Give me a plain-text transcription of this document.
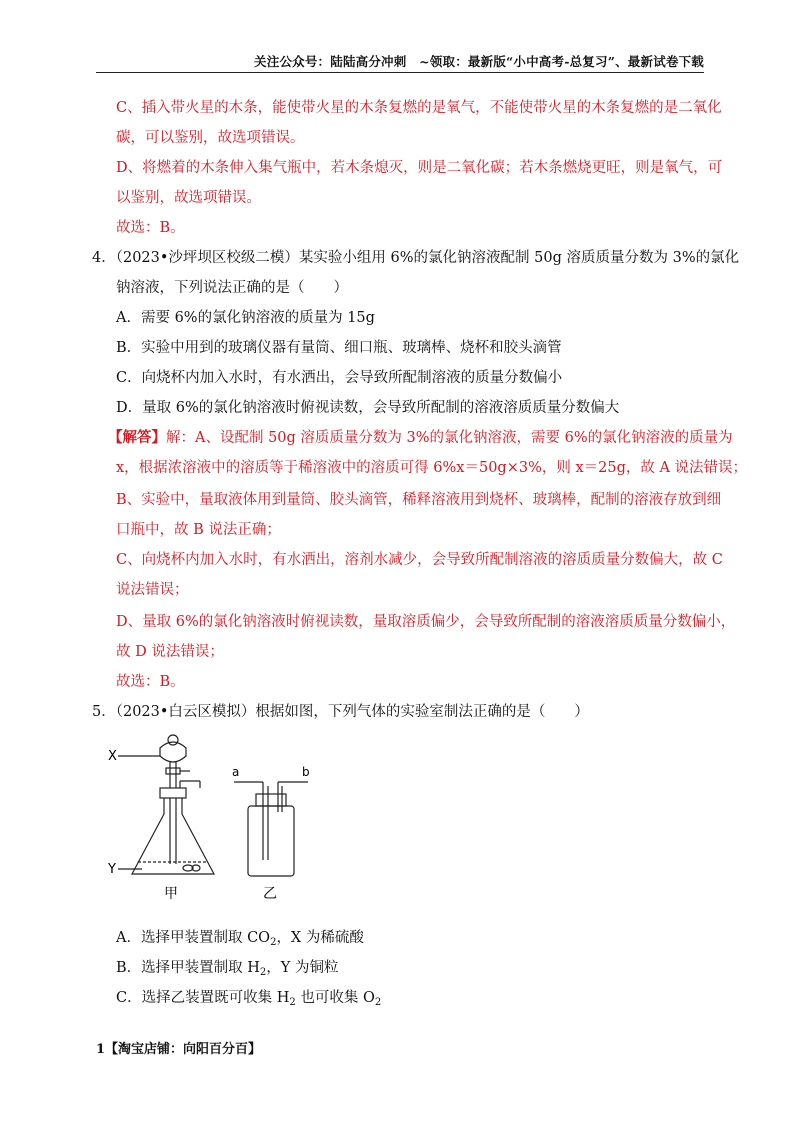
关注公众号：陆陆高分冲刺　~领取：最新版“小中高考-总复习”、最新试卷下载
C、插入带火星的木条，能使带火星的木条复燃的是氧气，不能使带火星的木条复燃的是二氧化
碳，可以鉴别，故选项错误。
D、将燃着的木条伸入集气瓶中，若木条熄灭，则是二氧化碳；若木条燃烧更旺，则是氧气，可
以鉴别，故选项错误。
故选：B。
4．（2023•沙坪坝区校级二模）某实验小组用 6%的氯化钠溶液配制 50g 溶质质量分数为 3%的氯化
钠溶液，下列说法正确的是（　　）
A．需要 6%的氯化钠溶液的质量为 15g
B．实验中用到的玻璃仪器有量筒、细口瓶、玻璃棒、烧杯和胶头滴管
C．向烧杯内加入水时，有水洒出，会导致所配制溶液的质量分数偏小
D．量取 6%的氯化钠溶液时俯视读数，会导致所配制的溶液溶质质量分数偏大
【解答】解：A、设配制 50g 溶质质量分数为 3%的氯化钠溶液，需要 6%的氯化钠溶液的质量为
x，根据浓溶液中的溶质等于稀溶液中的溶质可得 6%x＝50g×3%，则 x＝25g，故 A 说法错误；
B、实验中，量取液体用到量筒、胶头滴管，稀释溶液用到烧杯、玻璃棒，配制的溶液存放到细
口瓶中，故 B 说法正确；
C、向烧杯内加入水时，有水洒出，溶剂水减少，会导致所配制溶液的溶质质量分数偏大，故 C
说法错误；
D、量取 6%的氯化钠溶液时俯视读数，量取溶质偏少，会导致所配制的溶液溶质质量分数偏小，
故 D 说法错误；
故选：B。
5．（2023•白云区模拟）根据如图，下列气体的实验室制法正确的是（　　）
X
Y
a	b
甲	乙
A．选择甲装置制取 $CO_2$，X 为稀硫酸
B．选择甲装置制取 $H_2$，Y 为铜粒
C．选择乙装置既可收集 $H_2$ 也可收集 $O_2$
1【淘宝店铺：向阳百分百】
